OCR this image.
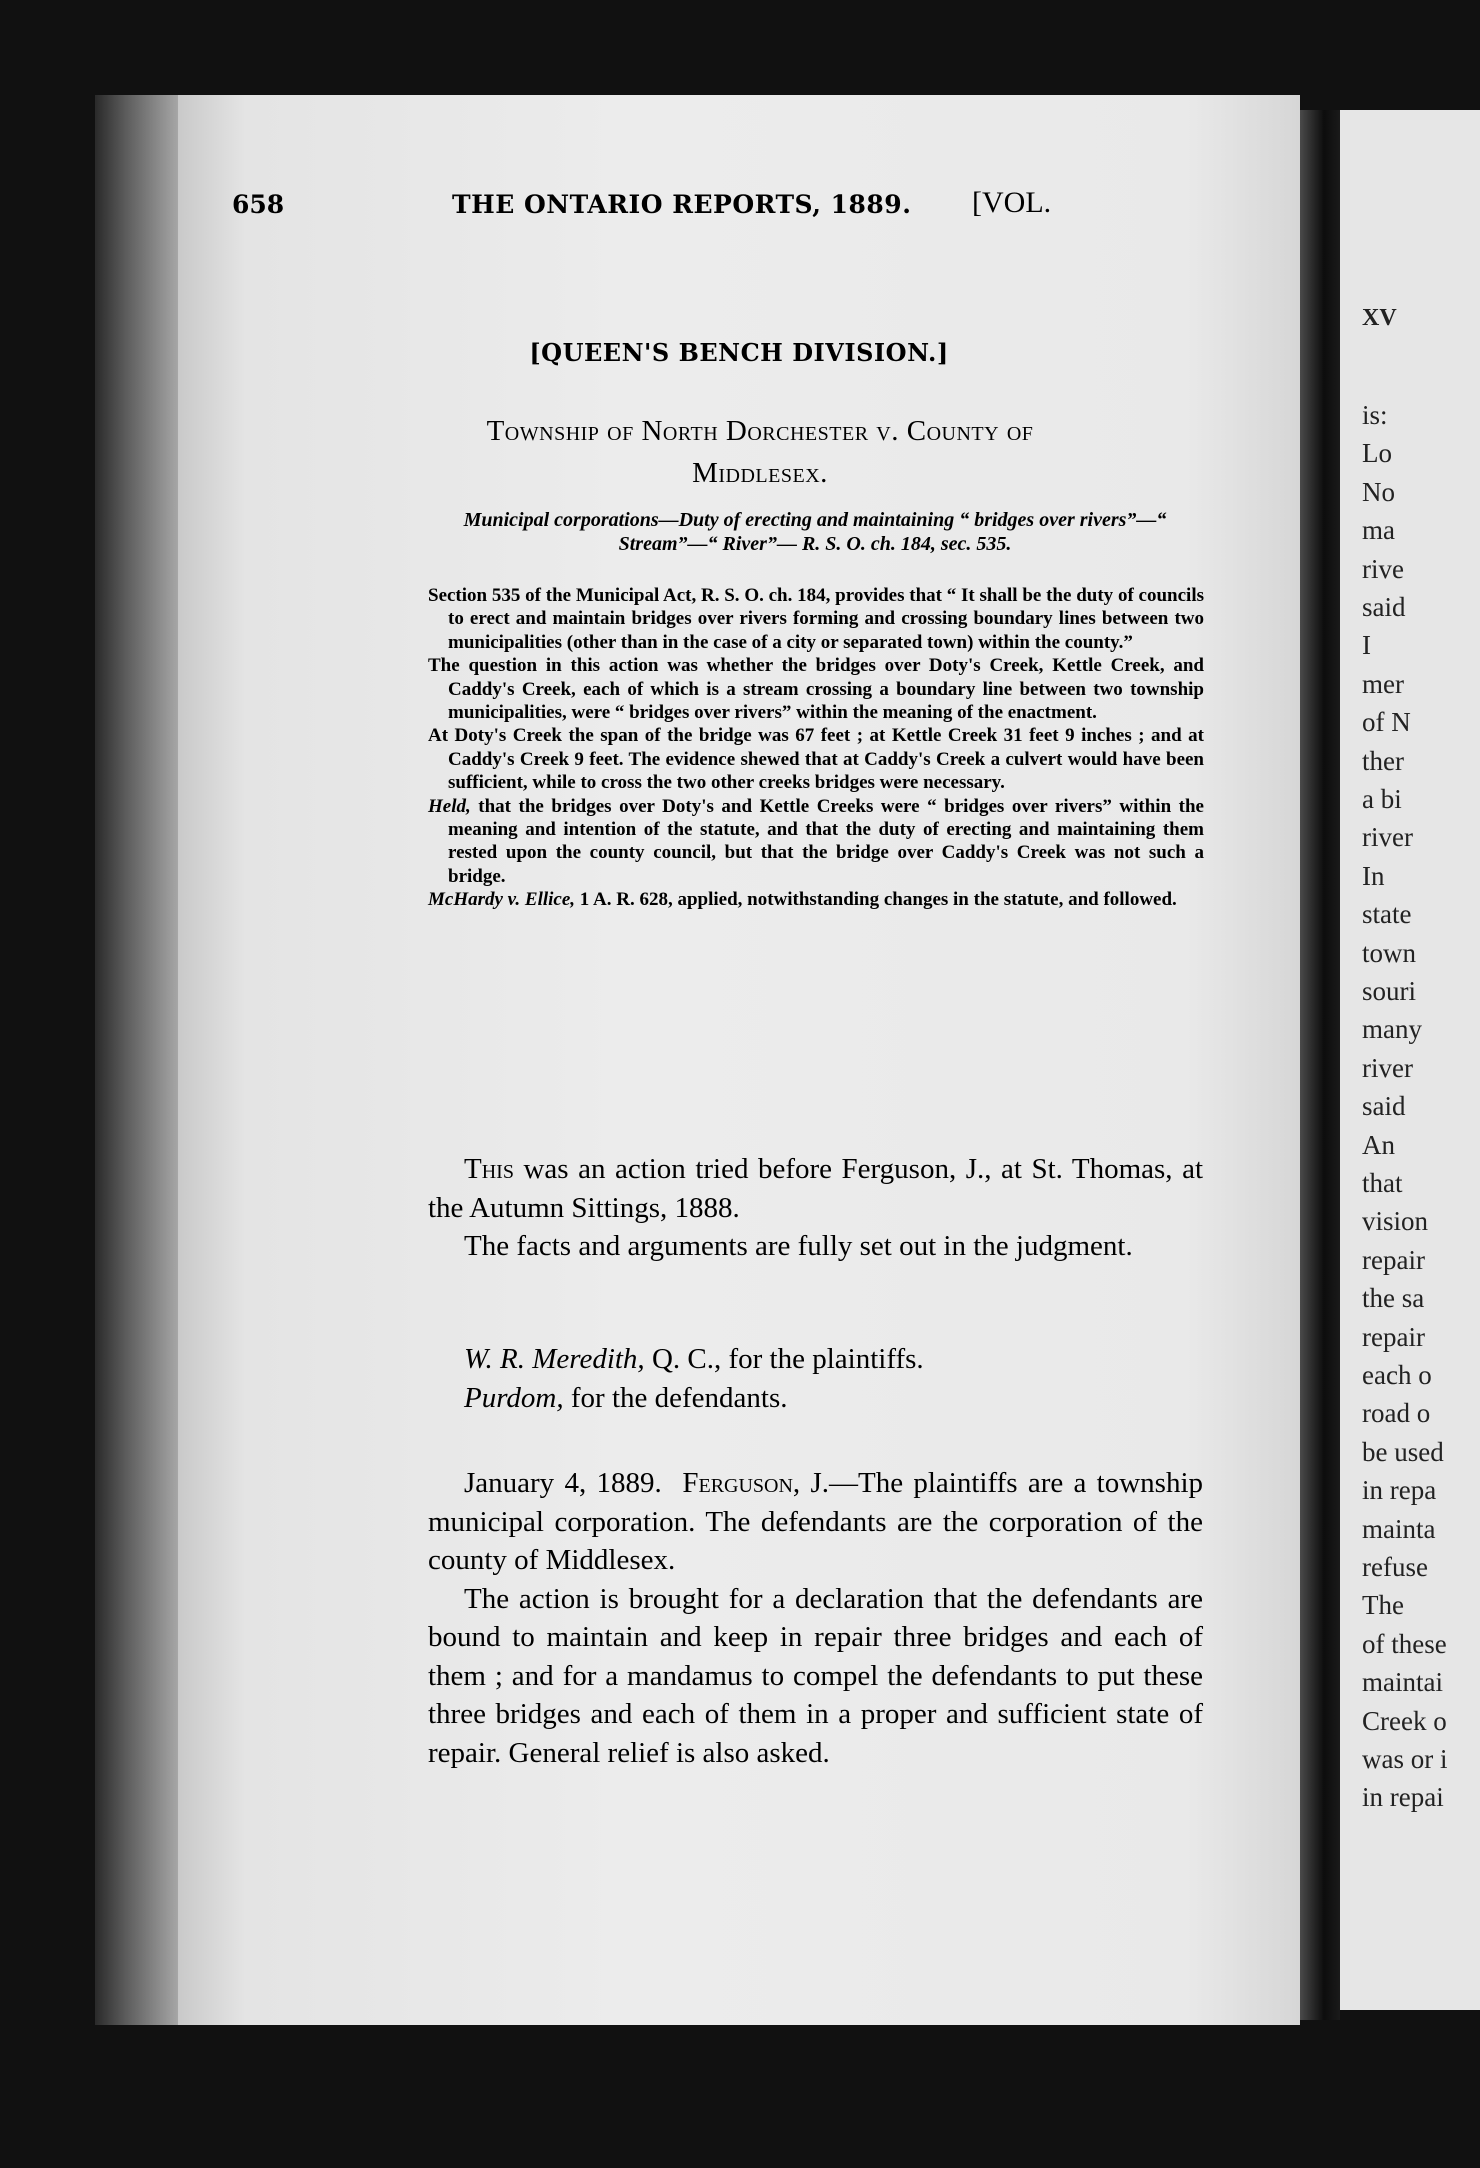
658	THE ONTARIO REPORTS, 1889. [VOL.
[QUEEN'S BENCH DIVISION.]
Township of North Dorchester v. County of
Middlesex.
Municipal corporations—Duty of erecting and maintaining “ bridges over rivers”—“ Stream”—“ River”— R. S. O. ch. 184, sec. 535.

Section 535 of the Municipal Act, R. S. O. ch. 184, provides that “ It shall be the duty of councils to erect and maintain bridges over rivers forming and crossing boundary lines between two municipalities (other than in the case of a city or separated town) within the county.”

The question in this action was whether the bridges over Doty's Creek, Kettle Creek, and Caddy's Creek, each of which is a stream crossing a boundary line between two township municipalities, were “ bridges over rivers” within the meaning of the enactment.

At Doty's Creek the span of the bridge was 67 feet ; at Kettle Creek 31 feet 9 inches ; and at Caddy's Creek 9 feet. The evidence shewed that at Caddy's Creek a culvert would have been sufficient, while to cross the two other creeks bridges were necessary.

Held, that the bridges over Doty's and Kettle Creeks were “ bridges over rivers” within the meaning and intention of the statute, and that the duty of erecting and maintaining them rested upon the county council, but that the bridge over Caddy's Creek was not such a bridge.

McHardy v. Ellice, 1 A. R. 628, applied, notwithstanding changes in the statute, and followed.

This was an action tried before Ferguson, J., at St. Thomas, at the Autumn Sittings, 1888.

The facts and arguments are fully set out in the judgment.

W. R. Meredith, Q. C., for the plaintiffs.

Purdom, for the defendants.

January 4, 1889. Ferguson, J.—The plaintiffs are a township municipal corporation. The defendants are the corporation of the county of Middlesex.

The action is brought for a declaration that the defendants are bound to maintain and keep in repair three bridges and each of them ; and for a mandamus to compel the defendants to put these three bridges and each of them in a proper and sufficient state of repair. General relief is also asked.

XV
is:
Lo
No
ma
rive
said
I
mer
of N
ther
a bi
river
In
state
town
souri
many
river
said
An
that
vision
repair
the sa
repair
each o
road o
be used
in repa
mainta
refuse
The
of these
maintai
Creek o
was or i
in repai
